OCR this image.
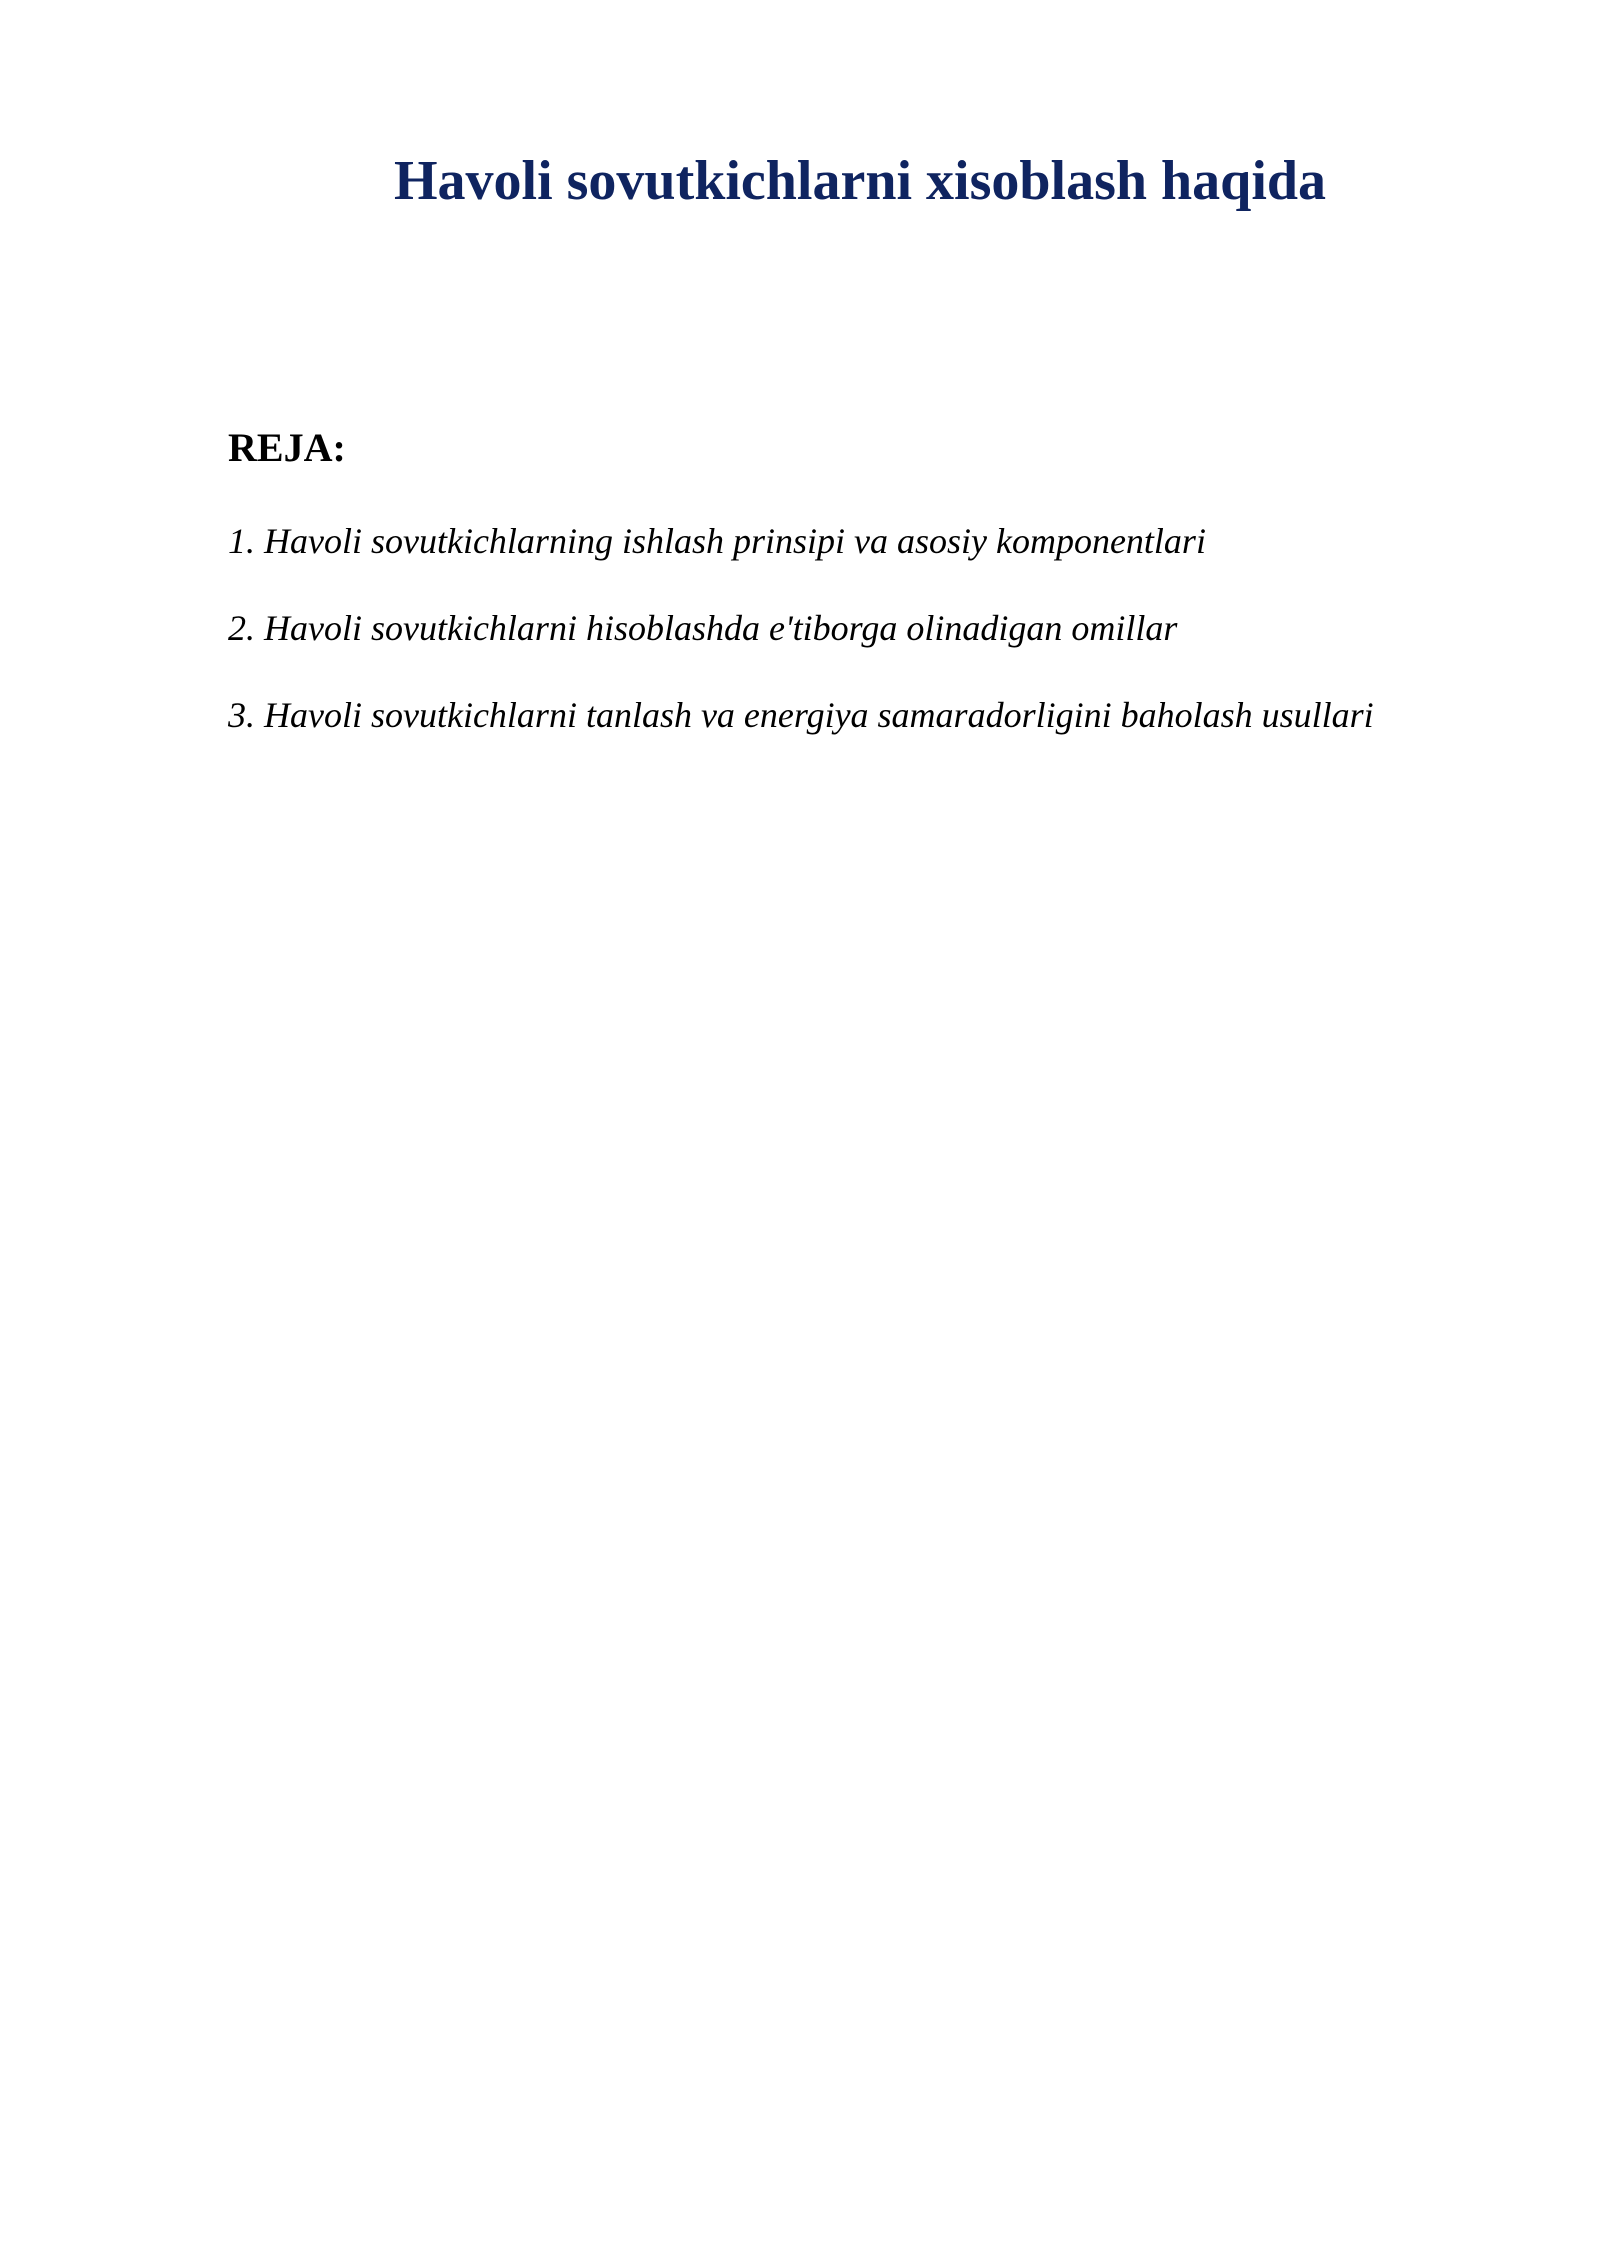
Havoli sovutkichlarni xisoblash haqida
REJA:
1. Havoli sovutkichlarning ishlash prinsipi va asosiy komponentlari
2. Havoli sovutkichlarni hisoblashda e'tiborga olinadigan omillar
3. Havoli sovutkichlarni tanlash va energiya samaradorligini baholash usullari
